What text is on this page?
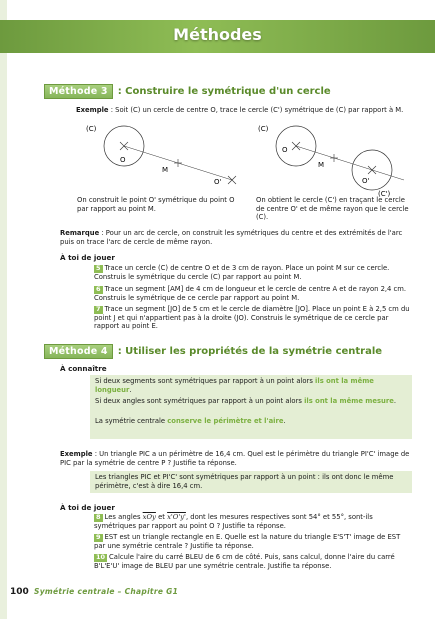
Méthodes
Méthode 3	: Construire le symétrique d'un cercle
Exemple : Soit (C) un cercle de centre O, trace le cercle (C') symétrique de (C) par rapport à M.
(C)
O
M
O'
(C)
O
M
O'
(C')
On construit le point O' symétrique du point O par rapport au point M.
On obtient le cercle (C') en traçant le cercle de centre O' et de même rayon que le cercle (C).
Remarque : Pour un arc de cercle, on construit les symétriques du centre et des extrémités de l'arc puis on trace l'arc de cercle de même rayon.
À toi de jouer
5 Trace un cercle (C) de centre O et de 3 cm de rayon. Place un point M sur ce cercle. Construis le symétrique du cercle (C) par rapport au point M.
6 Trace un segment [AM] de 4 cm de longueur et le cercle de centre A et de rayon 2,4 cm. Construis le symétrique de ce cercle par rapport au point M.
7 Trace un segment [JO] de 5 cm et le cercle de diamètre [JO]. Place un point E à 2,5 cm du point J et qui n'appartient pas à la droite (JO). Construis le symétrique de ce cercle par rapport au point E.
Méthode 4	: Utiliser les propriétés de la symétrie centrale
À connaître
Si deux segments sont symétriques par rapport à un point alors ils ont la même longueur.
Si deux angles sont symétriques par rapport à un point alors ils ont la même mesure.
La symétrie centrale conserve le périmètre et l'aire.
Exemple : Un triangle PIC a un périmètre de 16,4 cm. Quel est le périmètre du triangle PI'C' image de PIC par la symétrie de centre P ? Justifie ta réponse.
Les triangles PIC et PI'C' sont symétriques par rapport à un point : ils ont donc le même périmètre, c'est à dire 16,4 cm.
À toi de jouer
8 Les angles $\overline{xOy}$ et x'O'y', dont les mesures respectives sont 54° et 55°, sont-ils symétriques par rapport au point O ? Justifie ta réponse.
9 EST est un triangle rectangle en E. Quelle est la nature du triangle E'S'T' image de EST par une symétrie centrale ? Justifie ta réponse.
10 Calcule l'aire du carré BLEU de 6 cm de côté. Puis, sans calcul, donne l'aire du carré B'L'E'U' image de BLEU par une symétrie centrale. Justifie ta réponse.
100 Symétrie centrale – Chapitre G1
